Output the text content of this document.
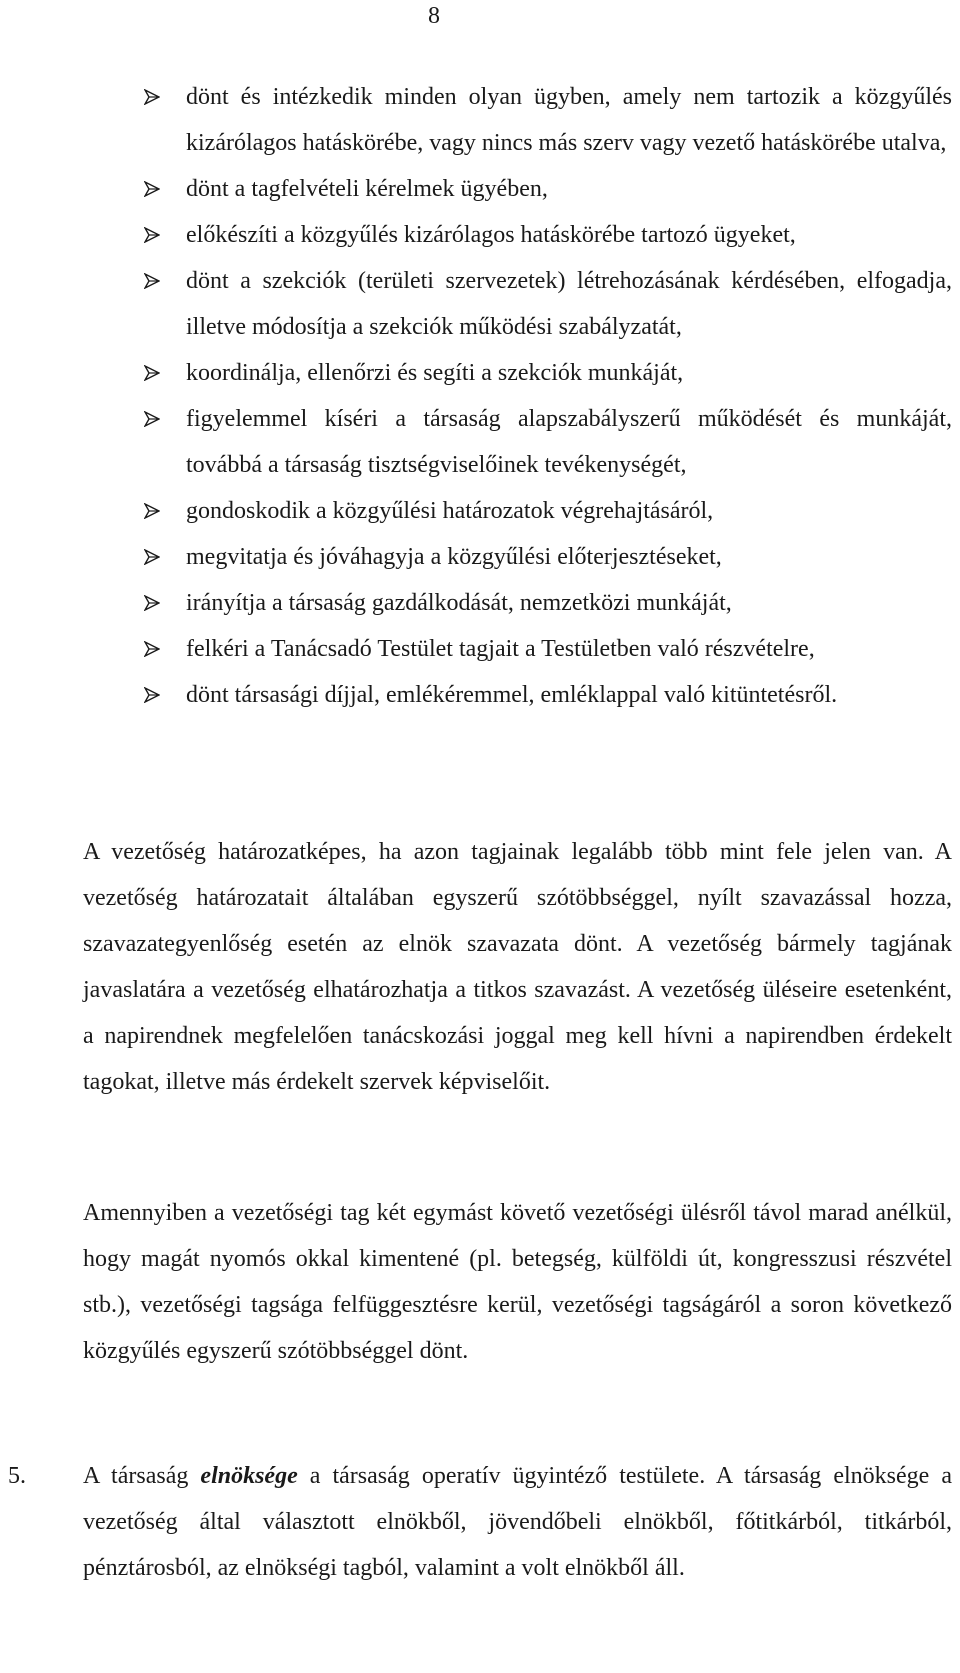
8
dönt és intézkedik minden olyan ügyben, amely nem tartozik a közgyűlés kizárólagos hatáskörébe, vagy nincs más szerv vagy vezető hatáskörébe utalva,
dönt a tagfelvételi kérelmek ügyében,
előkészíti a közgyűlés kizárólagos hatáskörébe tartozó ügyeket,
dönt a szekciók (területi szervezetek) létrehozásának kérdésében, elfogadja, illetve módosítja a szekciók működési szabályzatát,
koordinálja, ellenőrzi és segíti a szekciók munkáját,
figyelemmel kíséri a társaság alapszabályszerű működését és munkáját, továbbá a társaság tisztségviselőinek tevékenységét,
gondoskodik a közgyűlési határozatok végrehajtásáról,
megvitatja és jóváhagyja a közgyűlési előterjesztéseket,
irányítja a társaság gazdálkodását, nemzetközi munkáját,
felkéri a Tanácsadó Testület tagjait a Testületben való részvételre,
dönt társasági díjjal, emlékéremmel, emléklappal való kitüntetésről.

A vezetőség határozatképes, ha azon tagjainak legalább több mint fele jelen van. A vezetőség határozatait általában egyszerű szótöbbséggel, nyílt szavazással hozza, szavazategyenlőség esetén az elnök szavazata dönt. A vezetőség bármely tagjának javaslatára a vezetőség elhatározhatja a titkos szavazást. A vezetőség üléseire esetenként, a napirendnek megfelelően tanácskozási joggal meg kell hívni a napirendben érdekelt tagokat, illetve más érdekelt szervek képviselőit.

Amennyiben a vezetőségi tag két egymást követő vezetőségi ülésről távol marad anélkül, hogy magát nyomós okkal kimentené (pl. betegség, külföldi út, kongresszusi részvétel stb.), vezetőségi tagsága felfüggesztésre kerül, vezetőségi tagságáról a soron következő közgyűlés egyszerű szótöbbséggel dönt.

5. A társaság elnöksége a társaság operatív ügyintéző testülete. A társaság elnöksége a vezetőség által választott elnökből, jövendőbeli elnökből, főtitkárból, titkárból, pénztárosból, az elnökségi tagból, valamint a volt elnökből áll.
